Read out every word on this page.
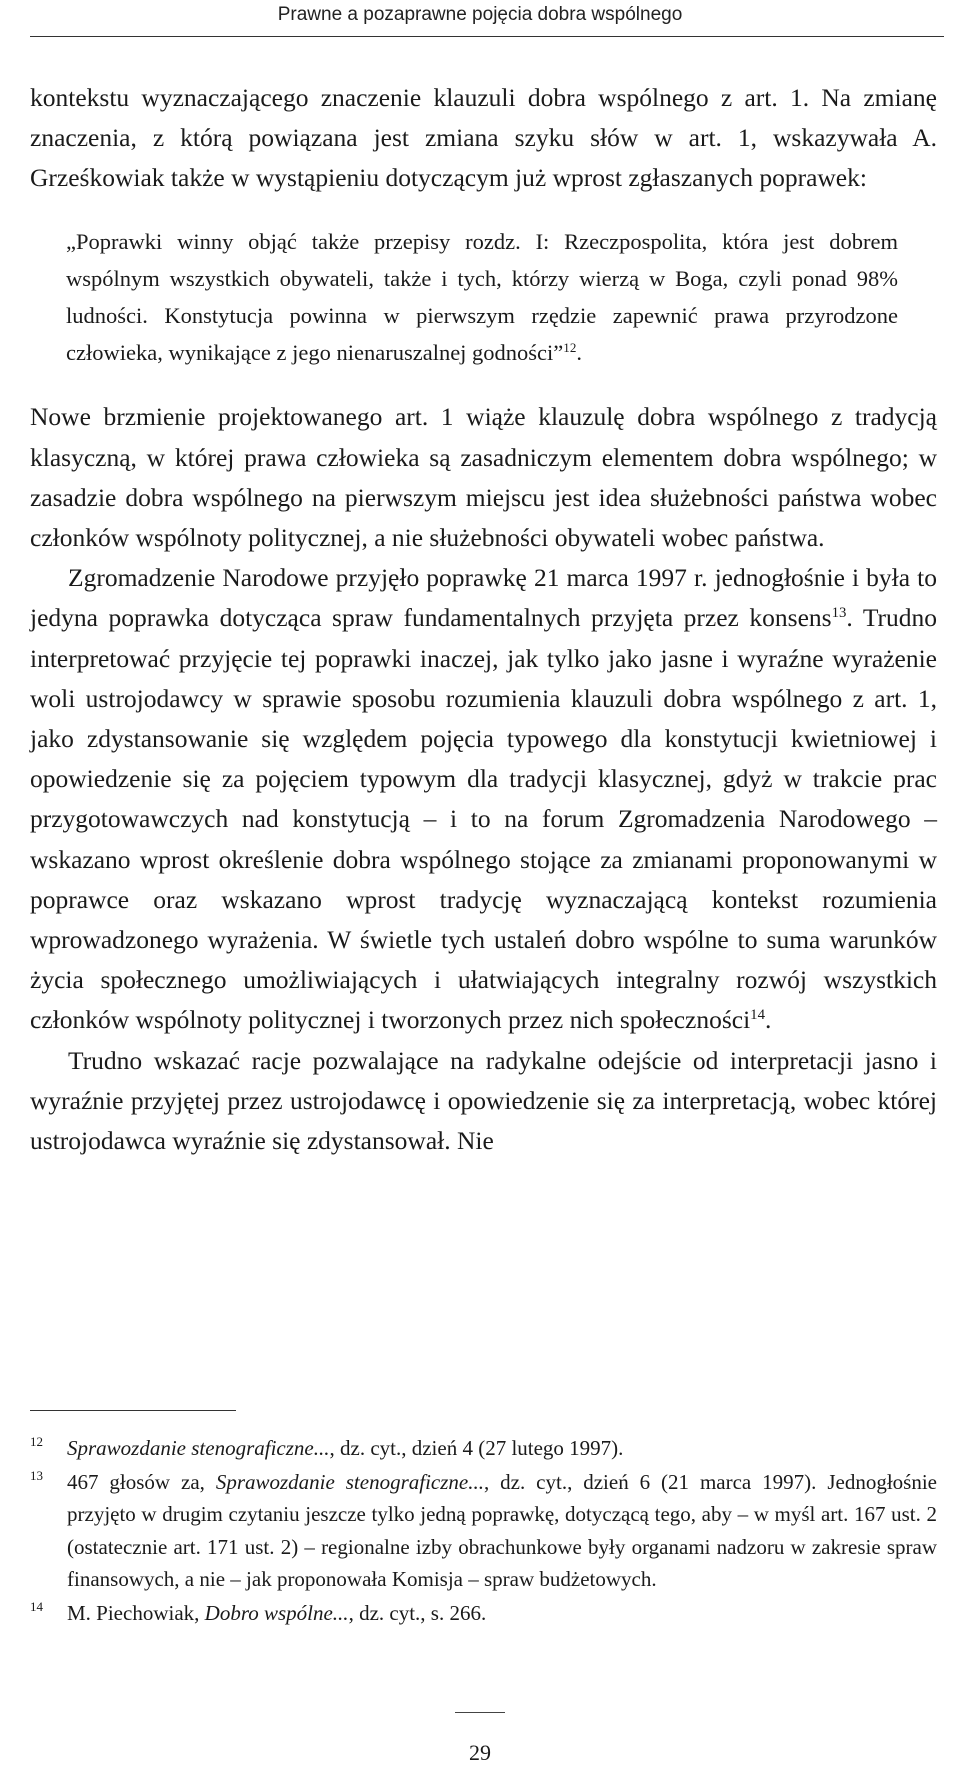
Prawne a pozaprawne pojęcia dobra wspólnego

kontekstu wyznaczającego znaczenie klauzuli dobra wspólnego z art. 1. Na zmianę znaczenia, z którą powiązana jest zmiana szyku słów w art. 1, wskazywała A. Grześkowiak także w wystąpieniu dotyczącym już wprost zgłaszanych poprawek:

„Poprawki winny objąć także przepisy rozdz. I: Rzeczpospolita, która jest dobrem wspólnym wszystkich obywateli, także i tych, którzy wierzą w Boga, czyli ponad 98% ludności. Konstytucja powinna w pierwszym rzędzie zapewnić prawa przyrodzone człowieka, wynikające z jego nienaruszalnej godności”$^{12}$.

Nowe brzmienie projektowanego art. 1 wiąże klauzulę dobra wspólnego z tradycją klasyczną, w której prawa człowieka są zasadniczym elementem dobra wspólnego; w zasadzie dobra wspólnego na pierwszym miejscu jest idea służebności państwa wobec członków wspólnoty politycznej, a nie służebności obywateli wobec państwa.

Zgromadzenie Narodowe przyjęło poprawkę 21 marca 1997 r. jednogłośnie i była to jedyna poprawka dotycząca spraw fundamentalnych przyjęta przez konsens$^{13}$. Trudno interpretować przyjęcie tej poprawki inaczej, jak tylko jako jasne i wyraźne wyrażenie woli ustrojodawcy w sprawie sposobu rozumienia klauzuli dobra wspólnego z art. 1, jako zdystansowanie się względem pojęcia typowego dla konstytucji kwietniowej i opowiedzenie się za pojęciem typowym dla tradycji klasycznej, gdyż w trakcie prac przygotowawczych nad konstytucją – i to na forum Zgromadzenia Narodowego – wskazano wprost określenie dobra wspólnego stojące za zmianami proponowanymi w poprawce oraz wskazano wprost tradycję wyznaczającą kontekst rozumienia wprowadzonego wyrażenia. W świetle tych ustaleń dobro wspólne to suma warunków życia społecznego umożliwiających i ułatwiających integralny rozwój wszystkich członków wspólnoty politycznej i tworzonych przez nich społeczności$^{14}$.

Trudno wskazać racje pozwalające na radykalne odejście od interpretacji jasno i wyraźnie przyjętej przez ustrojodawcę i opowiedzenie się za interpretacją, wobec której ustrojodawca wyraźnie się zdystansował. Nie

12 Sprawozdanie stenograficzne..., dz. cyt., dzień 4 (27 lutego 1997).

13 467 głosów za, Sprawozdanie stenograficzne..., dz. cyt., dzień 6 (21 marca 1997). Jednogłośnie przyjęto w drugim czytaniu jeszcze tylko jedną poprawkę, dotyczącą tego, aby – w myśl art. 167 ust. 2 (ostatecznie art. 171 ust. 2) – regionalne izby obrachunkowe były organami nadzoru w zakresie spraw finansowych, a nie – jak proponowała Komisja – spraw budżetowych.

14 M. Piechowiak, Dobro wspólne..., dz. cyt., s. 266.

29
